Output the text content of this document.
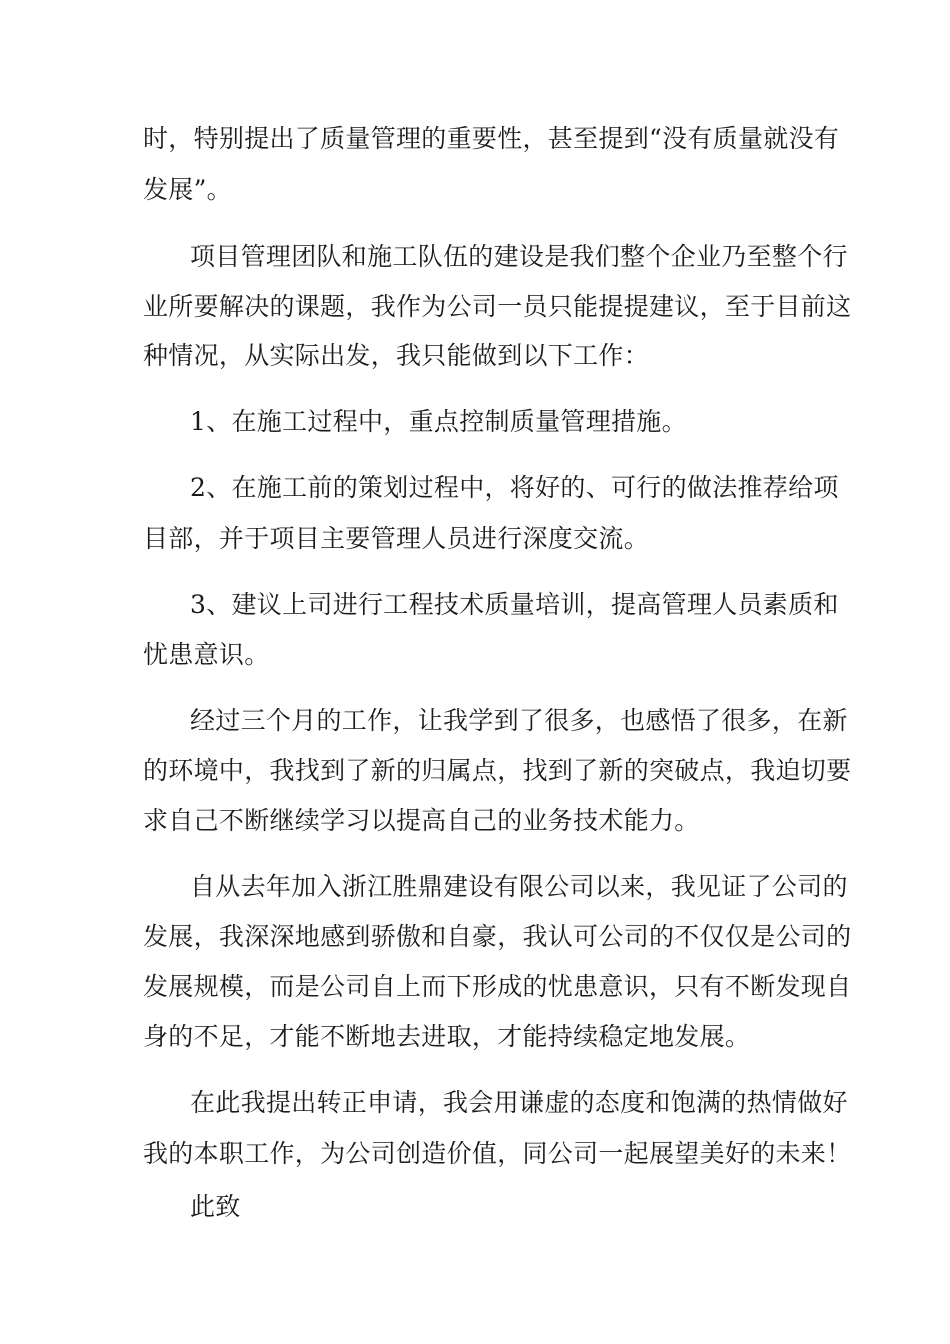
时，特别提出了质量管理的重要性，甚至提到“没有质量就没有
发展”。
项目管理团队和施工队伍的建设是我们整个企业乃至整个行
业所要解决的课题，我作为公司一员只能提提建议，至于目前这
种情况，从实际出发，我只能做到以下工作：
1、在施工过程中，重点控制质量管理措施。
2、在施工前的策划过程中，将好的、可行的做法推荐给项
目部，并于项目主要管理人员进行深度交流。
3、建议上司进行工程技术质量培训，提高管理人员素质和
忧患意识。
经过三个月的工作，让我学到了很多，也感悟了很多，在新
的环境中，我找到了新的归属点，找到了新的突破点，我迫切要
求自己不断继续学习以提高自己的业务技术能力。
自从去年加入浙江胜鼎建设有限公司以来，我见证了公司的
发展，我深深地感到骄傲和自豪，我认可公司的不仅仅是公司的
发展规模，而是公司自上而下形成的忧患意识，只有不断发现自
身的不足，才能不断地去进取，才能持续稳定地发展。
在此我提出转正申请，我会用谦虚的态度和饱满的热情做好
我的本职工作，为公司创造价值，同公司一起展望美好的未来！
此致
